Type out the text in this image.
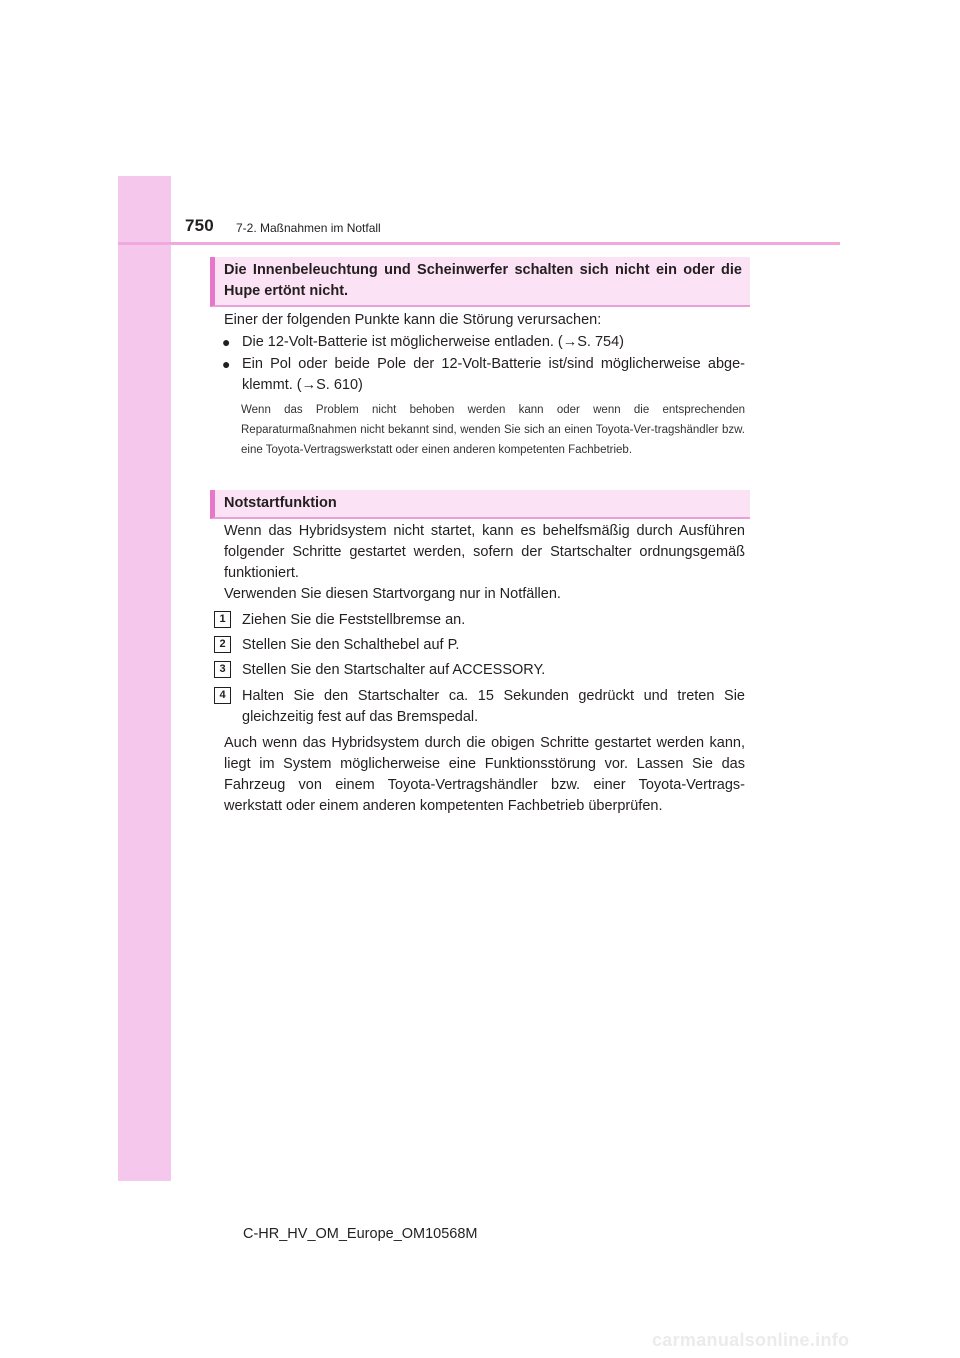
750 7-2. Maßnahmen im Notfall
Die Innenbeleuchtung und Scheinwerfer schalten sich nicht ein oder die Hupe ertönt nicht.
Einer der folgenden Punkte kann die Störung verursachen:
● Die 12-Volt-Batterie ist möglicherweise entladen. (→S. 754)
● Ein Pol oder beide Pole der 12-Volt-Batterie ist/sind möglicherweise abge-klemmt. (→S. 610)
Wenn das Problem nicht behoben werden kann oder wenn die entsprechenden Reparaturmaßnahmen nicht bekannt sind, wenden Sie sich an einen Toyota-Ver-tragshändler bzw. eine Toyota-Vertragswerkstatt oder einen anderen kompetenten Fachbetrieb.
Notstartfunktion
Wenn das Hybridsystem nicht startet, kann es behelfsmäßig durch Ausführen folgender Schritte gestartet werden, sofern der Startschalter ordnungsgemäß funktioniert.
Verwenden Sie diesen Startvorgang nur in Notfällen.
1	Ziehen Sie die Feststellbremse an.
2	Stellen Sie den Schalthebel auf P.
3	Stellen Sie den Startschalter auf ACCESSORY.
4	Halten Sie den Startschalter ca. 15 Sekunden gedrückt und treten Sie gleichzeitig fest auf das Bremspedal.
Auch wenn das Hybridsystem durch die obigen Schritte gestartet werden kann, liegt im System möglicherweise eine Funktionsstörung vor. Lassen Sie das Fahrzeug von einem Toyota-Vertragshändler bzw. einer Toyota-Vertrags-werkstatt oder einem anderen kompetenten Fachbetrieb überprüfen.
C-HR_HV_OM_Europe_OM10568M
carmanualsonline.info
